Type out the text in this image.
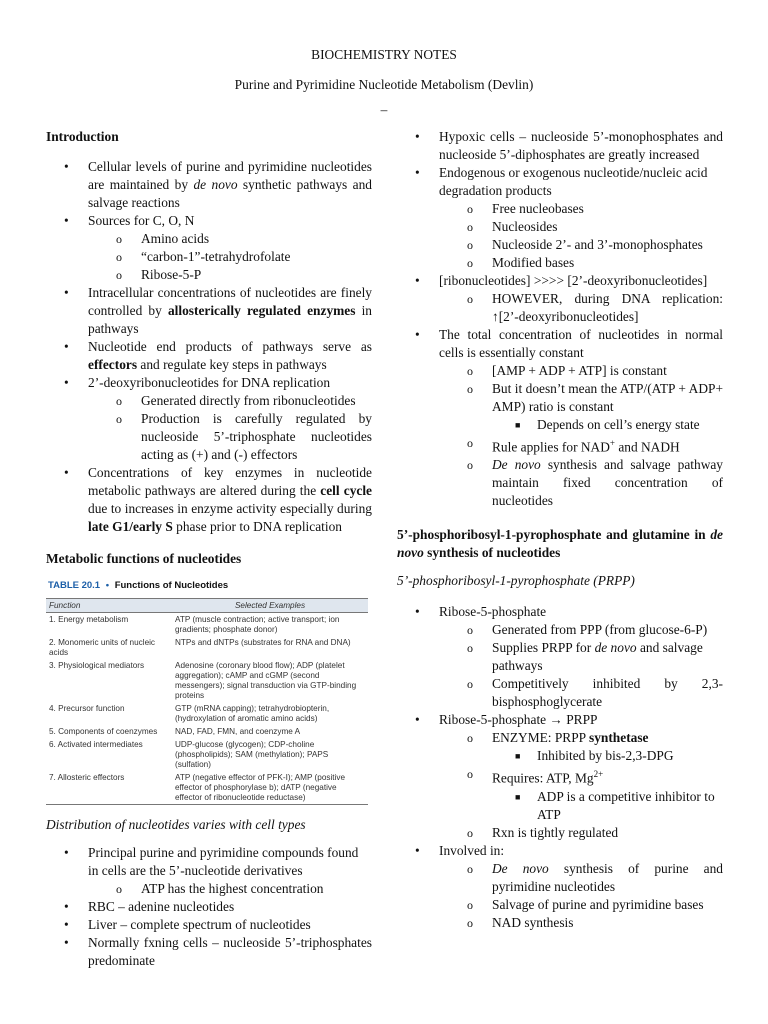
BIOCHEMISTRY NOTES
Purine and Pyrimidine Nucleotide Metabolism (Devlin)
–
Introduction
• Cellular levels of purine and pyrimidine nucleotides are maintained by de novo synthetic pathways and salvage reactions
• Sources for C, O, N
o Amino acids
o “carbon-1”-tetrahydrofolate
o Ribose-5-P
• Intracellular concentrations of nucleotides are finely controlled by allosterically regulated enzymes in pathways
• Nucleotide end products of pathways serve as effectors and regulate key steps in pathways
• 2’-deoxyribonucleotides for DNA replication
o Generated directly from ribonucleotides
o Production is carefully regulated by nucleoside 5’-triphosphate nucleotides acting as (+) and (-) effectors
• Concentrations of key enzymes in nucleotide metabolic pathways are altered during the cell cycle due to increases in enzyme activity especially during late G1/early S phase prior to DNA replication
Metabolic functions of nucleotides
TABLE 20.1 • Functions of Nucleotides
Function	Selected Examples
1. Energy metabolism	ATP (muscle contraction; active transport; ion gradients; phosphate donor)
2. Monomeric units of nucleic acids	NTPs and dNTPs (substrates for RNA and DNA)
3. Physiological mediators	Adenosine (coronary blood flow); ADP (platelet aggregation); cAMP and cGMP (second messengers); signal transduction via GTP-binding proteins
4. Precursor function	GTP (mRNA capping); tetrahydrobiopterin, (hydroxylation of aromatic amino acids)
5. Components of coenzymes	NAD, FAD, FMN, and coenzyme A
6. Activated intermediates	UDP-glucose (glycogen); CDP-choline (phospholipids); SAM (methylation); PAPS (sulfation)
7. Allosteric effectors	ATP (negative effector of PFK-I); AMP (positive effector of phosphorylase b); dATP (negative effector of ribonucleotide reductase)
Distribution of nucleotides varies with cell types
• Principal purine and pyrimidine compounds found in cells are the 5’-nucleotide derivatives
o ATP has the highest concentration
• RBC – adenine nucleotides
• Liver – complete spectrum of nucleotides
• Normally fxning cells – nucleoside 5’-triphosphates predominate
• Hypoxic cells – nucleoside 5’-monophosphates and nucleoside 5’-diphosphates are greatly increased
• Endogenous or exogenous nucleotide/nucleic acid degradation products
o Free nucleobases
o Nucleosides
o Nucleoside 2’- and 3’-monophosphates
o Modified bases
• [ribonucleotides] >>>> [2’-deoxyribonucleotides]
o HOWEVER, during DNA replication: ↑[2’-deoxyribonucleotides]
• The total concentration of nucleotides in normal cells is essentially constant
o [AMP + ADP + ATP] is constant
o But it doesn’t mean the ATP/(ATP + ADP+ AMP) ratio is constant
■ Depends on cell’s energy state
o Rule applies for NAD+ and NADH
o De novo synthesis and salvage pathway maintain fixed concentration of nucleotides
5’-phosphoribosyl-1-pyrophosphate and glutamine in de novo synthesis of nucleotides
5’-phosphoribosyl-1-pyrophosphate (PRPP)
• Ribose-5-phosphate
o Generated from PPP (from glucose-6-P)
o Supplies PRPP for de novo and salvage pathways
o Competitively inhibited by 2,3-bisphosphoglycerate
• Ribose-5-phosphate → PRPP
o ENZYME: PRPP synthetase
■ Inhibited by bis-2,3-DPG
o Requires: ATP, $Mg^{2+}$
■ ADP is a competitive inhibitor to ATP
o Rxn is tightly regulated
• Involved in:
o De novo synthesis of purine and pyrimidine nucleotides
o Salvage of purine and pyrimidine bases
o NAD synthesis
